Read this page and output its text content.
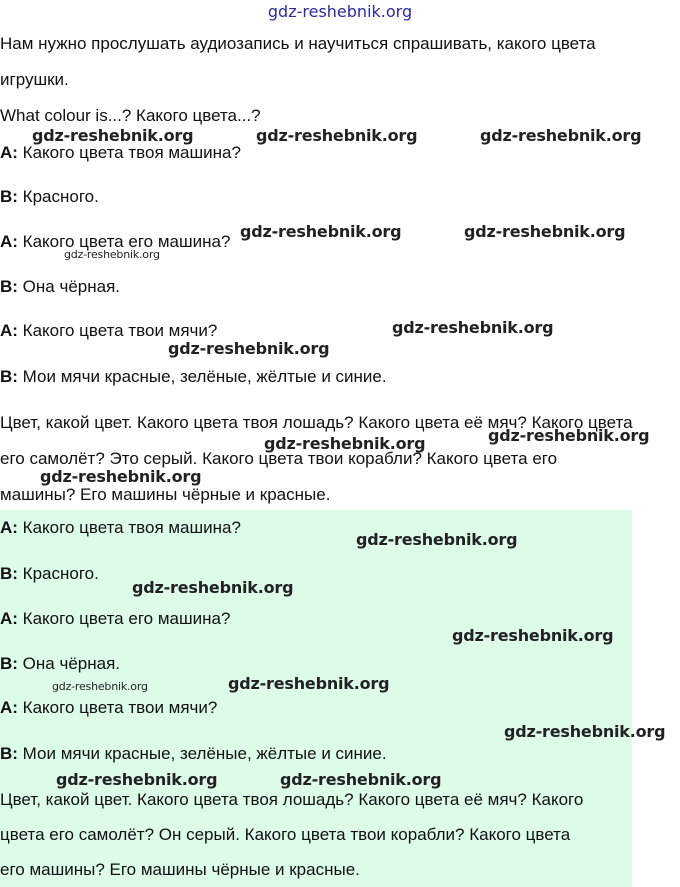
gdz-reshebnik.org
Нам нужно прослушать аудиозапись и научиться спрашивать, какого цвета
игрушки.
What colour is...? Какого цвета...?
A: Какого цвета твоя машина?
B: Красного.
A: Какого цвета его машина?
B: Она чёрная.
A: Какого цвета твои мячи?
B: Мои мячи красные, зелёные, жёлтые и синие.
Цвет, какой цвет. Какого цвета твоя лошадь? Какого цвета её мяч? Какого цвета
его самолёт? Это серый. Какого цвета твои корабли? Какого цвета его
машины? Его машины чёрные и красные.
A: Какого цвета твоя машина?
B: Красного.
A: Какого цвета его машина?
B: Она чёрная.
A: Какого цвета твои мячи?
B: Мои мячи красные, зелёные, жёлтые и синие.
Цвет, какой цвет. Какого цвета твоя лошадь? Какого цвета её мяч? Какого
цвета его самолёт? Он серый. Какого цвета твои корабли? Какого цвета
его машины? Его машины чёрные и красные.
gdz-reshebnik.org	gdz-reshebnik.org	gdz-reshebnik.org
gdz-reshebnik.org	gdz-reshebnik.org
gdz-reshebnik.org
gdz-reshebnik.org
gdz-reshebnik.org
gdz-reshebnik.org
gdz-reshebnik.org
gdz-reshebnik.org
gdz-reshebnik.org
gdz-reshebnik.org
gdz-reshebnik.org
gdz-reshebnik.org	gdz-reshebnik.org
gdz-reshebnik.org
gdz-reshebnik.org	gdz-reshebnik.org
